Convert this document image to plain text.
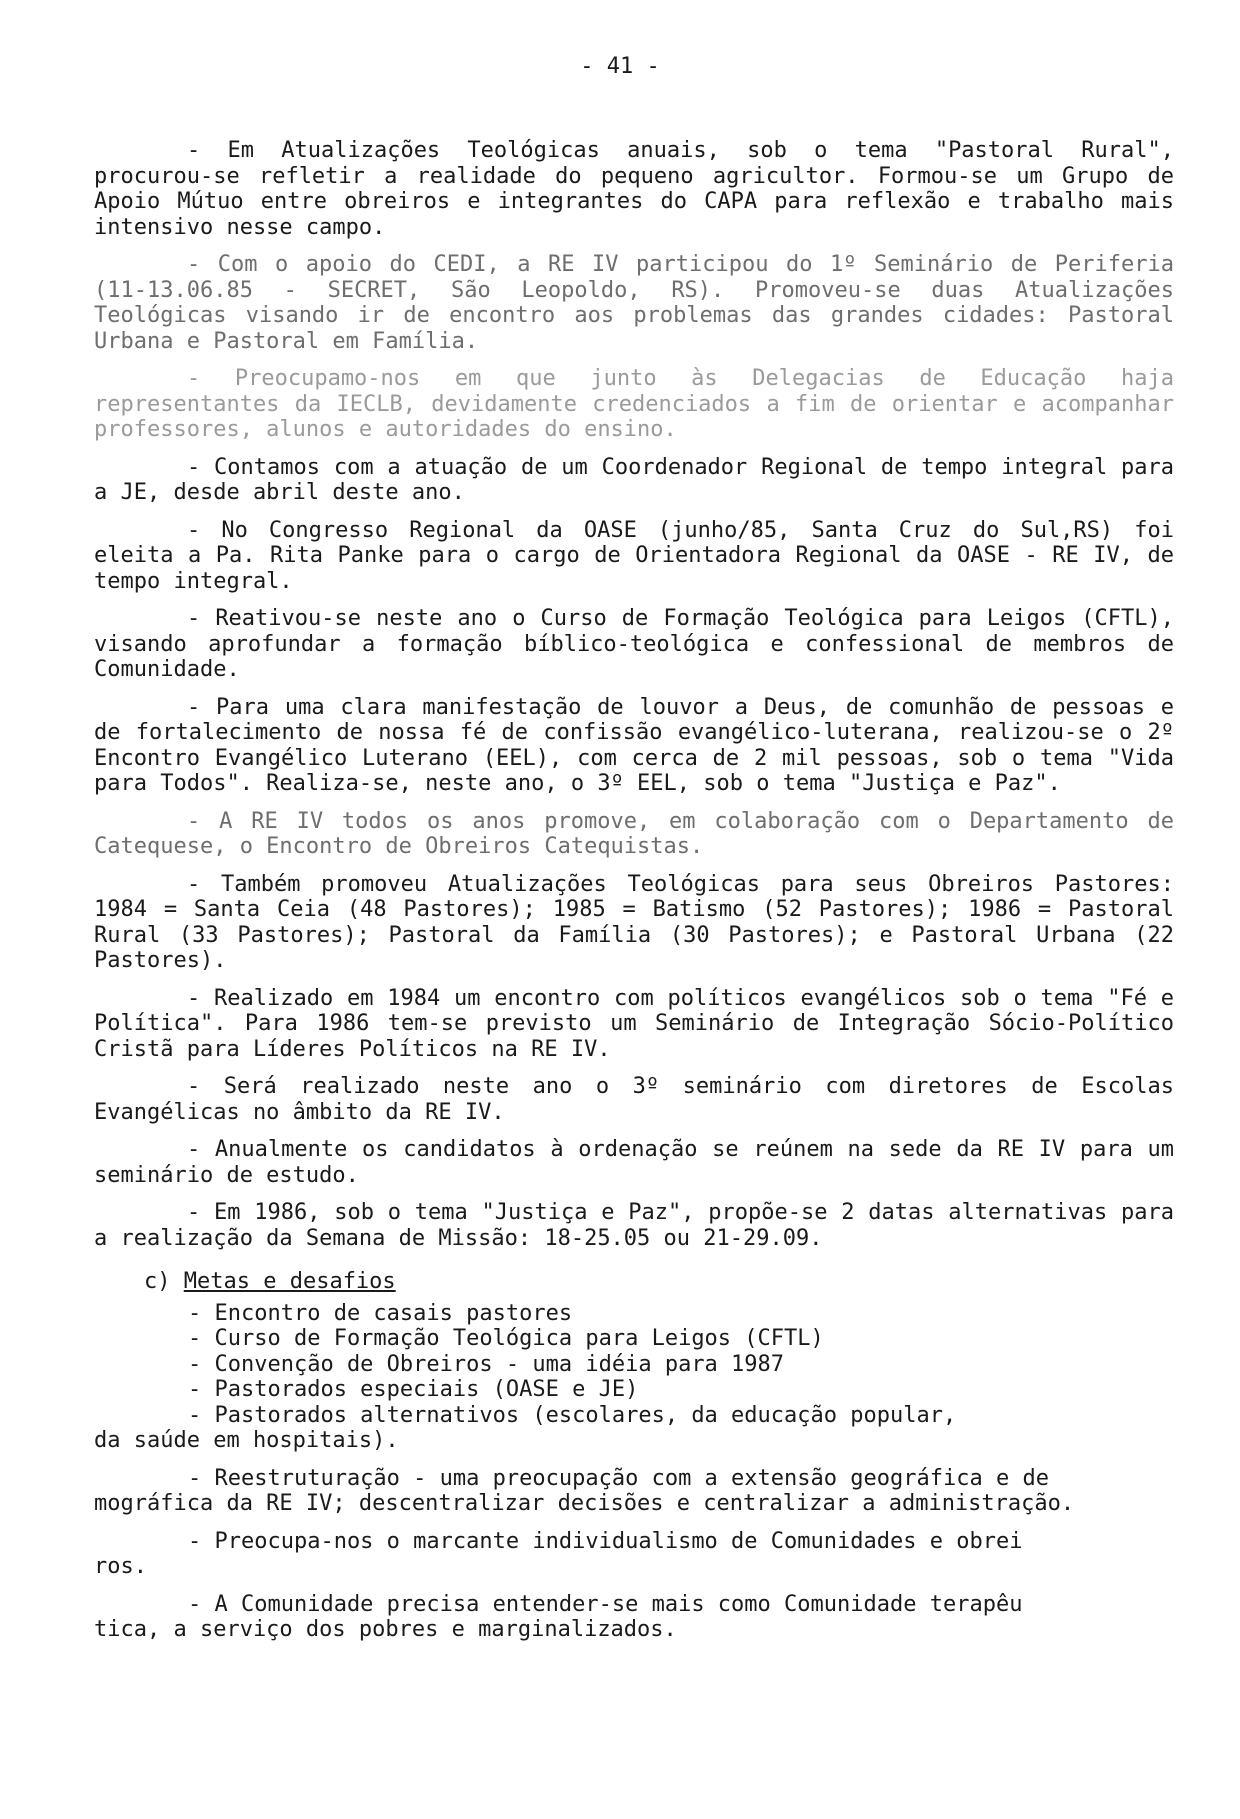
- 41 -

- Em Atualizações Teológicas anuais, sob o tema "Pastoral Rural", procurou-se refletir a realidade do pequeno agricultor. Formou-se um Grupo de Apoio Mútuo entre obreiros e integrantes do CAPA para reflexão e trabalho mais intensivo nesse campo.

- Com o apoio do CEDI, a RE IV participou do 1º Seminário de Periferia (11-13.06.85 - SECRET, São Leopoldo, RS). Promoveu-se duas Atualizações Teológicas visando ir de encontro aos problemas das grandes cidades: Pastoral Urbana e Pastoral em Família.

- Preocupamo-nos em que junto às Delegacias de Educação haja representantes da IECLB, devidamente credenciados a fim de orientar e acompanhar professores, alunos e autoridades do ensino.

- Contamos com a atuação de um Coordenador Regional de tempo integral para a JE, desde abril deste ano.

- No Congresso Regional da OASE (junho/85, Santa Cruz do Sul,RS) foi eleita a Pa. Rita Panke para o cargo de Orientadora Regional da OASE - RE IV, de tempo integral.

- Reativou-se neste ano o Curso de Formação Teológica para Leigos (CFTL), visando aprofundar a formação bíblico-teológica e confessional de membros de Comunidade.

- Para uma clara manifestação de louvor a Deus, de comunhão de pessoas e de fortalecimento de nossa fé de confissão evangélico-luterana, realizou-se o 2º Encontro Evangélico Luterano (EEL), com cerca de 2 mil pessoas, sob o tema "Vida para Todos". Realiza-se, neste ano, o 3º EEL, sob o tema "Justiça e Paz".

- A RE IV todos os anos promove, em colaboração com o Departamento de Catequese, o Encontro de Obreiros Catequistas.

- Também promoveu Atualizações Teológicas para seus Obreiros Pastores: 1984 = Santa Ceia (48 Pastores); 1985 = Batismo (52 Pastores); 1986 = Pastoral Rural (33 Pastores); Pastoral da Família (30 Pastores); e Pastoral Urbana (22 Pastores).

- Realizado em 1984 um encontro com políticos evangélicos sob o tema "Fé e Política". Para 1986 tem-se previsto um Seminário de Integração Sócio-Político Cristã para Líderes Políticos na RE IV.

- Será realizado neste ano o 3º seminário com diretores de Escolas Evangélicas no âmbito da RE IV.

- Anualmente os candidatos à ordenação se reúnem na sede da RE IV para um seminário de estudo.

- Em 1986, sob o tema "Justiça e Paz", propõe-se 2 datas alternativas para a realização da Semana de Missão: 18-25.05 ou 21-29.09.

c) Metas e desafios
- Encontro de casais pastores
- Curso de Formação Teológica para Leigos (CFTL)
- Convenção de Obreiros - uma idéia para 1987
- Pastorados especiais (OASE e JE)
- Pastorados alternativos (escolares, da educação popular,
da saúde em hospitais).
- Reestruturação - uma preocupação com a extensão geográfica e de
mográfica da RE IV; descentralizar decisões e centralizar a administração.
- Preocupa-nos o marcante individualismo de Comunidades e obrei
ros.
- A Comunidade precisa entender-se mais como Comunidade terapêu
tica, a serviço dos pobres e marginalizados.
